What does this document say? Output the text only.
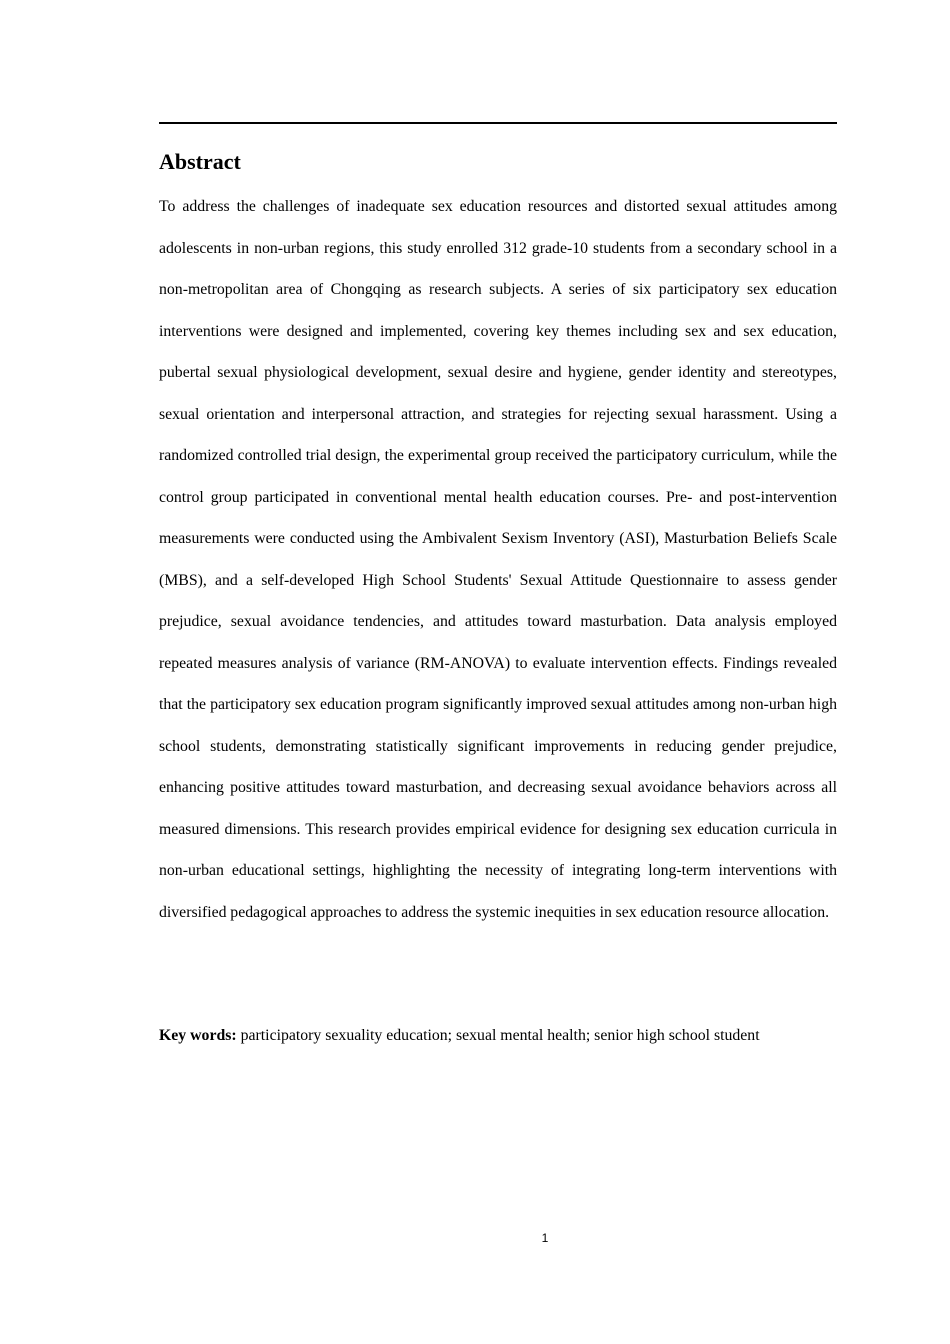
Abstract

To address the challenges of inadequate sex education resources and distorted sexual attitudes among adolescents in non-urban regions, this study enrolled 312 grade-10 students from a secondary school in a non-metropolitan area of Chongqing as research subjects. A series of six participatory sex education interventions were designed and implemented, covering key themes including sex and sex education, pubertal sexual physiological development, sexual desire and hygiene, gender identity and stereotypes, sexual orientation and interpersonal attraction, and strategies for rejecting sexual harassment. Using a randomized controlled trial design, the experimental group received the participatory curriculum, while the control group participated in conventional mental health education courses. Pre- and post-intervention measurements were conducted using the Ambivalent Sexism Inventory (ASI), Masturbation Beliefs Scale (MBS), and a self-developed High School Students' Sexual Attitude Questionnaire to assess gender prejudice, sexual avoidance tendencies, and attitudes toward masturbation. Data analysis employed repeated measures analysis of variance (RM-ANOVA) to evaluate intervention effects. Findings revealed that the participatory sex education program significantly improved sexual attitudes among non-urban high school students, demonstrating statistically significant improvements in reducing gender prejudice, enhancing positive attitudes toward masturbation, and decreasing sexual avoidance behaviors across all measured dimensions. This research provides empirical evidence for designing sex education curricula in non-urban educational settings, highlighting the necessity of integrating long-term interventions with diversified pedagogical approaches to address the systemic inequities in sex education resource allocation.

Key words: participatory sexuality education; sexual mental health; senior high school student

1
